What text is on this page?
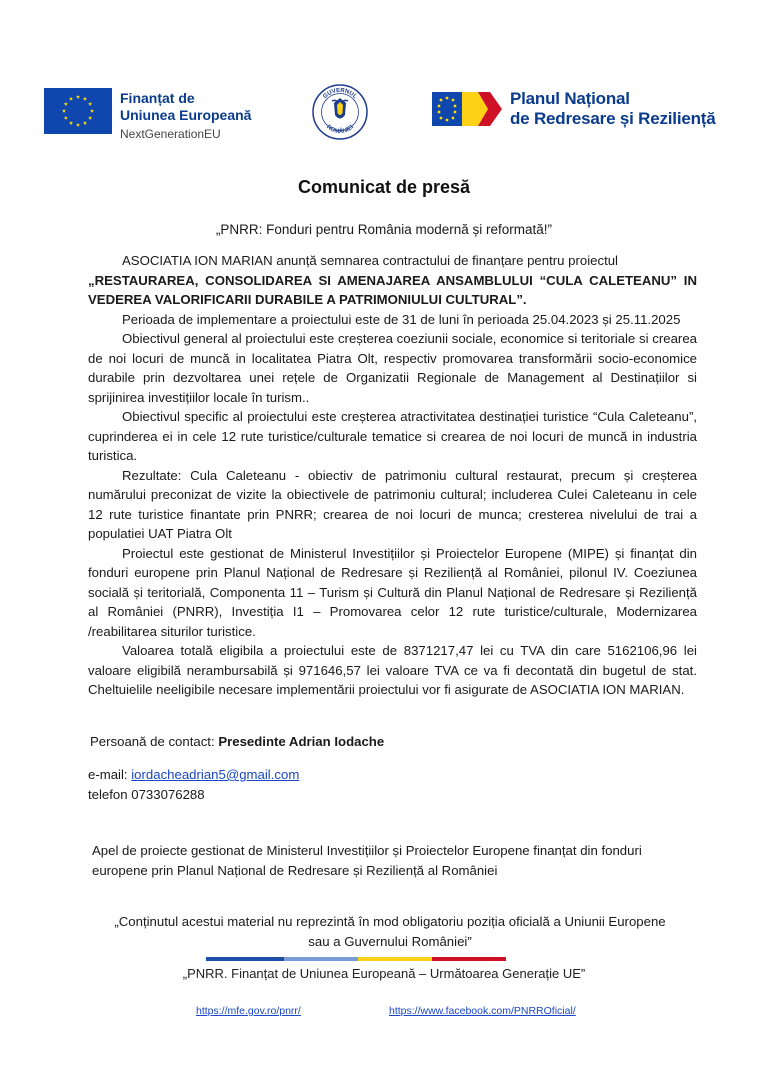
Finanțat de
Uniunea Europeană
NextGenerationEU
GUVERNUL
ROMÂNIEI
Planul Național
de Redresare și Reziliență
Comunicat de presă
„PNRR: Fonduri pentru România modernă și reformată!”

ASOCIATIA ION MARIAN anunță semnarea contractului de finanțare pentru proiectul

„RESTAURAREA, CONSOLIDAREA SI AMENAJAREA ANSAMBLULUI “CULA CALETEANU” IN VEDEREA VALORIFICARII DURABILE A PATRIMONIULUI CULTURAL”.

Perioada de implementare a proiectului este de 31 de luni în perioada 25.04.2023 și 25.11.2025

Obiectivul general al proiectului este creșterea coeziunii sociale, economice si teritoriale si crearea de noi locuri de muncă in localitatea Piatra Olt, respectiv promovarea transformării socio-economice durabile prin dezvoltarea unei rețele de Organizatii Regionale de Management al Destinațiilor si sprijinirea investițiilor locale în turism..

Obiectivul specific al proiectului este creșterea atractivitatea destinației turistice “Cula Caleteanu”, cuprinderea ei in cele 12 rute turistice/culturale tematice si crearea de noi locuri de muncă in industria turistica.

Rezultate: Cula Caleteanu - obiectiv de patrimoniu cultural restaurat, precum și creșterea numărului preconizat de vizite la obiectivele de patrimoniu cultural; includerea Culei Caleteanu in cele 12 rute turistice finantate prin PNRR; crearea de noi locuri de munca; cresterea nivelului de trai a populatiei UAT Piatra Olt

Proiectul este gestionat de Ministerul Investițiilor și Proiectelor Europene (MIPE) și finanțat din fonduri europene prin Planul Național de Redresare și Reziliență al României, pilonul IV. Coeziunea socială și teritorială, Componenta 11 – Turism și Cultură din Planul Național de Redresare și Reziliență al României (PNRR), Investiția I1 – Promovarea celor 12 rute turistice/culturale, Modernizarea /reabilitarea siturilor turistice.

Valoarea totală eligibila a proiectului este de 8371217,47 lei cu TVA din care 5162106,96 lei valoare eligibilă nerambursabilă și 971646,57 lei valoare TVA ce va fi decontată din bugetul de stat. Cheltuielile neeligibile necesare implementării proiectului vor fi asigurate de ASOCIATIA ION MARIAN.

Persoană de contact: Presedinte Adrian Iodache
e-mail: iordacheadrian5@gmail.com
telefon 0733076288
Apel de proiecte gestionat de Ministerul Investițiilor și Proiectelor Europene finanțat din fonduri
europene prin Planul Național de Redresare și Reziliență al României
„Conținutul acestui material nu reprezintă în mod obligatoriu poziția oficială a Uniunii Europene
sau a Guvernului României”
„PNRR. Finanțat de Uniunea Europeană – Următoarea Generație UE”
https://mfe.gov.ro/pnrr/	https://www.facebook.com/PNRROficial/
